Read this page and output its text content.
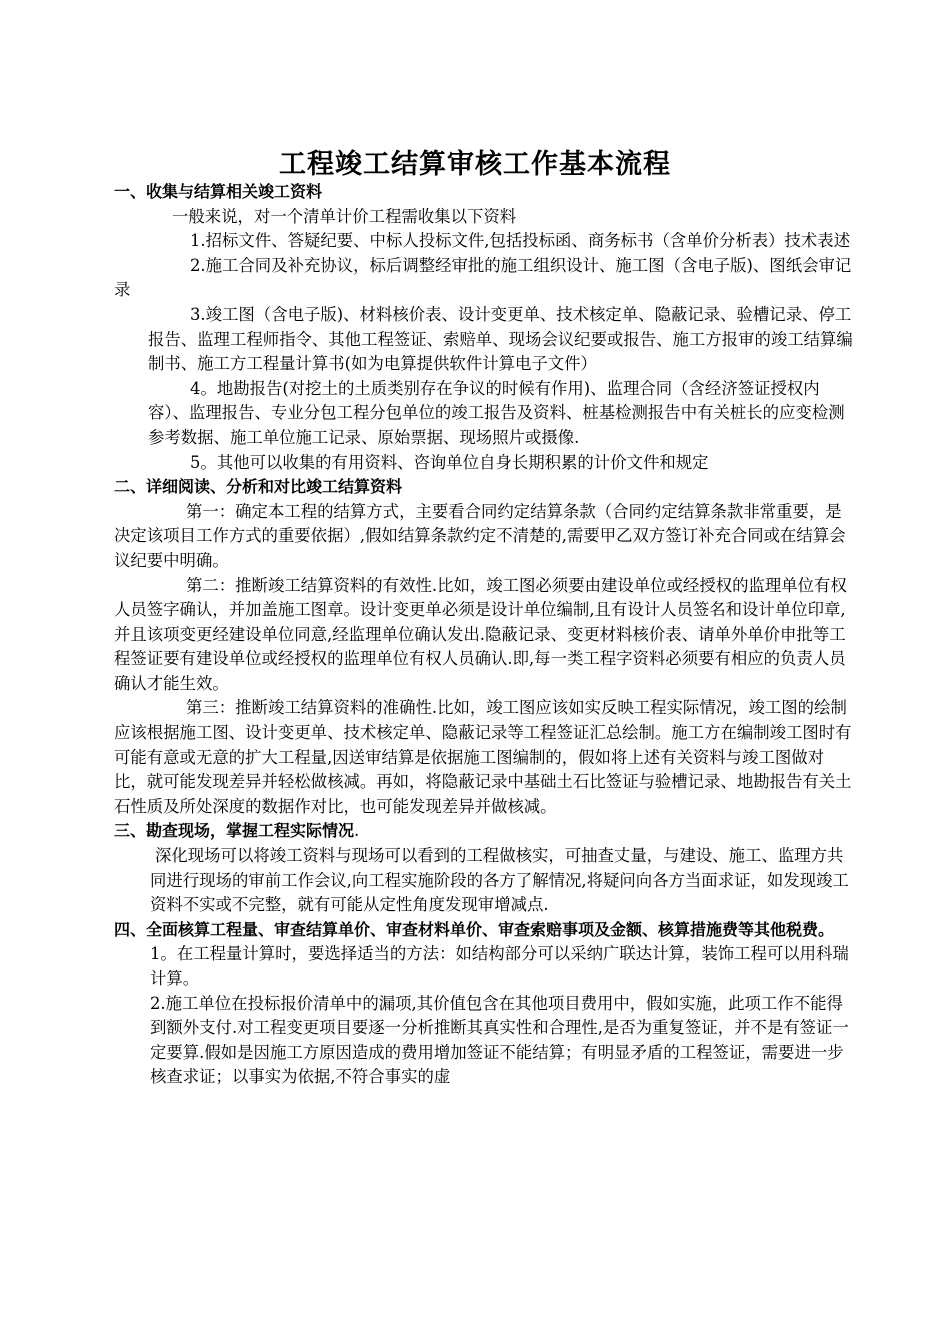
工程竣工结算审核工作基本流程

一、收集与结算相关竣工资料

一般来说，对一个清单计价工程需收集以下资料

1.招标文件、答疑纪要、中标人投标文件,包括投标函、商务标书（含单价分析表）技术表述

2.施工合同及补充协议，标后调整经审批的施工组织设计、施工图（含电子版)、图纸会审记录

3.竣工图（含电子版)、材料核价表、设计变更单、技术核定单、隐蔽记录、验槽记录、停工报告、监理工程师指令、其他工程签证、索赔单、现场会议纪要或报告、施工方报审的竣工结算编制书、施工方工程量计算书(如为电算提供软件计算电子文件）

4。地勘报告(对挖土的土质类别存在争议的时候有作用)、监理合同（含经济签证授权内容）、监理报告、专业分包工程分包单位的竣工报告及资料、桩基检测报告中有关桩长的应变检测参考数据、施工单位施工记录、原始票据、现场照片或摄像.

5。其他可以收集的有用资料、咨询单位自身长期积累的计价文件和规定

二、详细阅读、分析和对比竣工结算资料

第一：确定本工程的结算方式，主要看合同约定结算条款（合同约定结算条款非常重要，是决定该项目工作方式的重要依据）,假如结算条款约定不清楚的,需要甲乙双方签订补充合同或在结算会议纪要中明确。

第二：推断竣工结算资料的有效性.比如，竣工图必须要由建设单位或经授权的监理单位有权人员签字确认，并加盖施工图章。设计变更单必须是设计单位编制,且有设计人员签名和设计单位印章,并且该项变更经建设单位同意,经监理单位确认发出.隐蔽记录、变更材料核价表、请单外单价申批等工程签证要有建设单位或经授权的监理单位有权人员确认.即,每一类工程字资料必须要有相应的负责人员确认才能生效。

第三：推断竣工结算资料的准确性.比如，竣工图应该如实反映工程实际情况，竣工图的绘制应该根据施工图、设计变更单、技术核定单、隐蔽记录等工程签证汇总绘制。施工方在编制竣工图时有可能有意或无意的扩大工程量,因送审结算是依据施工图编制的，假如将上述有关资料与竣工图做对比，就可能发现差异并轻松做核减。再如，将隐蔽记录中基础土石比签证与验槽记录、地勘报告有关土石性质及所处深度的数据作对比，也可能发现差异并做核减。

三、勘查现场，掌握工程实际情况.

深化现场可以将竣工资料与现场可以看到的工程做核实，可抽查丈量，与建设、施工、监理方共同进行现场的审前工作会议,向工程实施阶段的各方了解情况,将疑问向各方当面求证，如发现竣工资料不实或不完整，就有可能从定性角度发现审增减点.

四、全面核算工程量、审查结算单价、审查材料单价、审查索赔事项及金额、核算措施费等其他税费。

1。在工程量计算时，要选择适当的方法：如结构部分可以采纳广联达计算，装饰工程可以用科瑞计算。

2.施工单位在投标报价清单中的漏项,其价值包含在其他项目费用中，假如实施，此项工作不能得到额外支付.对工程变更项目要逐一分析推断其真实性和合理性,是否为重复签证，并不是有签证一定要算.假如是因施工方原因造成的费用增加签证不能结算；有明显矛盾的工程签证，需要进一步核查求证；以事实为依据,不符合事实的虚
